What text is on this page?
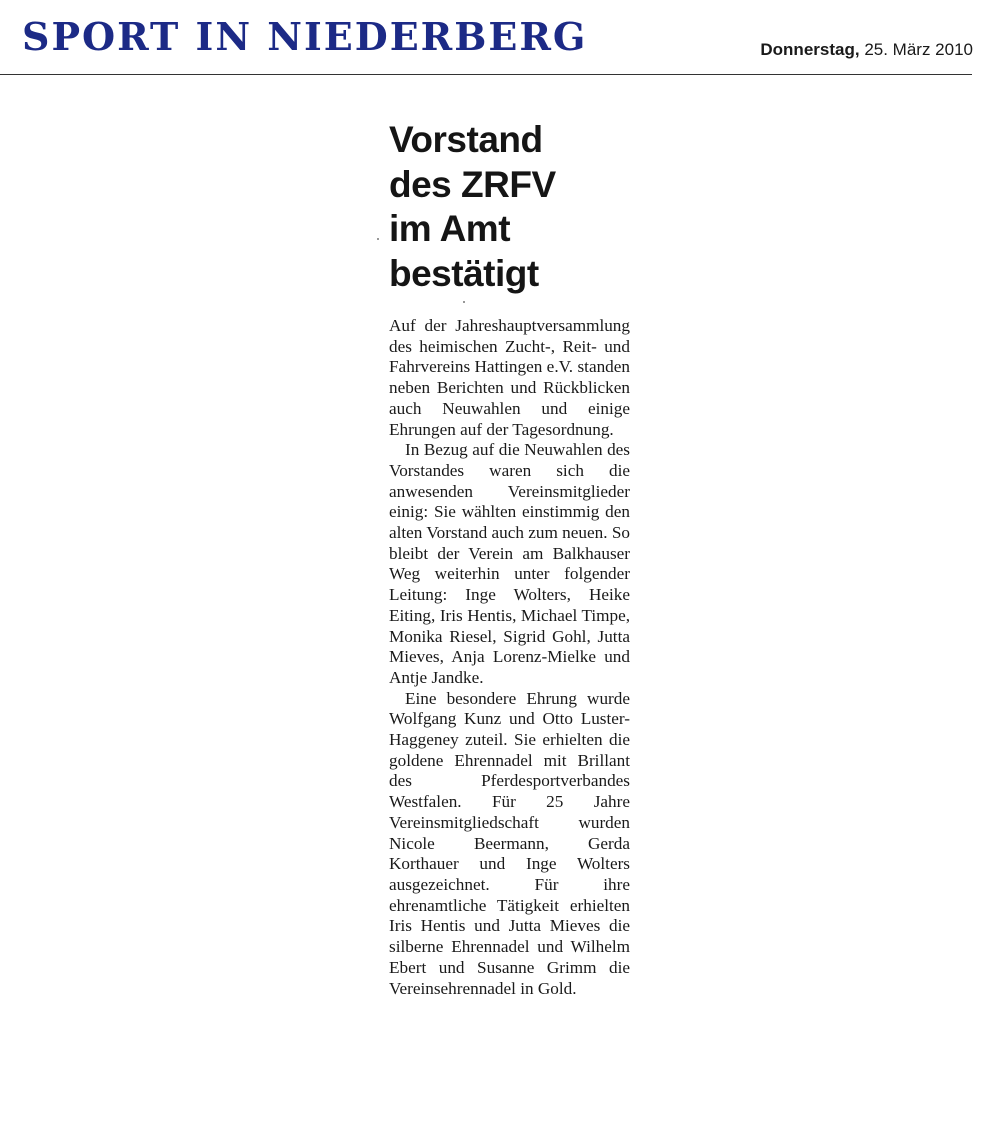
SPORT IN NIEDERBERG	Donnerstag, 25. März 2010
Vorstand
des ZRFV
im Amt
bestätigt

Auf der Jahreshauptversammlung des heimischen Zucht-, Reit- und Fahrvereins Hattingen e.V. standen neben Berichten und Rückblicken auch Neuwahlen und einige Ehrungen auf der Tagesordnung.

In Bezug auf die Neuwahlen des Vorstandes waren sich die anwesenden Vereinsmitglieder einig: Sie wählten einstimmig den alten Vorstand auch zum neuen. So bleibt der Verein am Balkhauser Weg weiterhin unter folgender Leitung: Inge Wolters, Heike Eiting, Iris Hentis, Michael Timpe, Monika Riesel, Sigrid Gohl, Jutta Mieves, Anja Lorenz-Mielke und Antje Jandke.

Eine besondere Ehrung wurde Wolfgang Kunz und Otto Luster-Haggeney zuteil. Sie erhielten die goldene Ehrennadel mit Brillant des Pferdesportverbandes Westfalen. Für 25 Jahre Vereinsmitgliedschaft wurden Nicole Beermann, Gerda Korthauer und Inge Wolters ausgezeichnet. Für ihre ehrenamtliche Tätigkeit erhielten Iris Hentis und Jutta Mieves die silberne Ehrennadel und Wilhelm Ebert und Susanne Grimm die Vereinsehrennadel in Gold.
